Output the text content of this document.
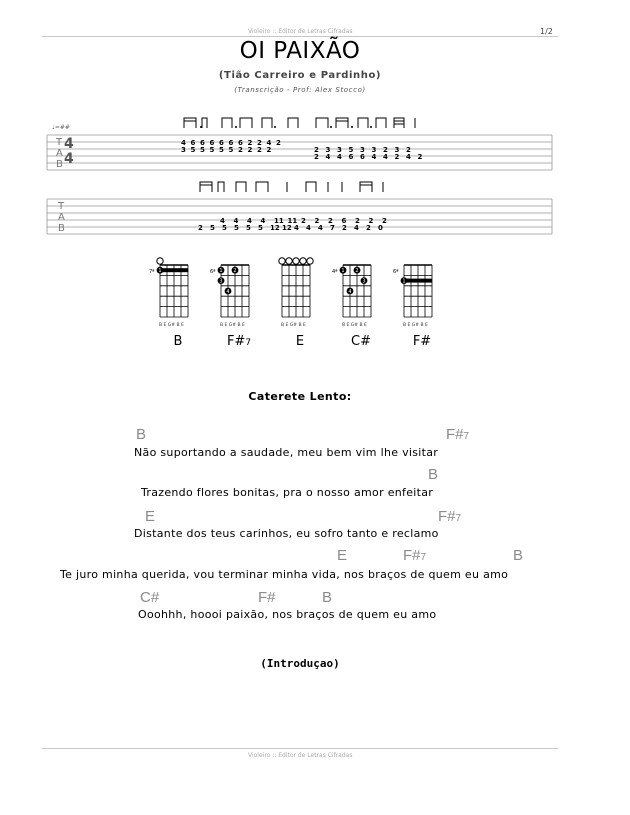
Violeiro :: Editor de Letras Cifradas	1/2
OI PAIXÃO
(Tião Carreiro e Pardinho)
(Transcrição - Prof: Alex Stocco)
♩=##
T
A
B
4
4
4 6 6 6 6 6 6 2 2 4 2
3 5 5 5 5 5 2 2 2 2	2 3 3 5 3 3 2 3 2
2 4 4 6 6 4 4 2 4 2
T
A
B
4 4 4 4 11 11 2 2 2 6 2 2 2
2 5 5 5 5 5 12 12 4 4 4 7 2 4 2 0
7ª 1
B E G# B E
6ª 1 2
4
3
B E G# B E	B E G# B E
4ª 1 2
4
3
B E G# B E
6ª
1
B E G# B E
B	F#7	E	C#	F#
Caterete Lento:
B	F#7
Não suportando a saudade, meu bem vim lhe visitar
B
Trazendo flores bonitas, pra o nosso amor enfeitar
E	F#7
Distante dos teus carinhos, eu sofro tanto e reclamo
E	F#7	B
Te juro minha querida, vou terminar minha vida, nos braços de quem eu amo
C#	F#	B
Ooohhh, hoooi paixão, nos braços de quem eu amo
(Introduçao)
Violeiro :: Editor de Letras Cifradas
